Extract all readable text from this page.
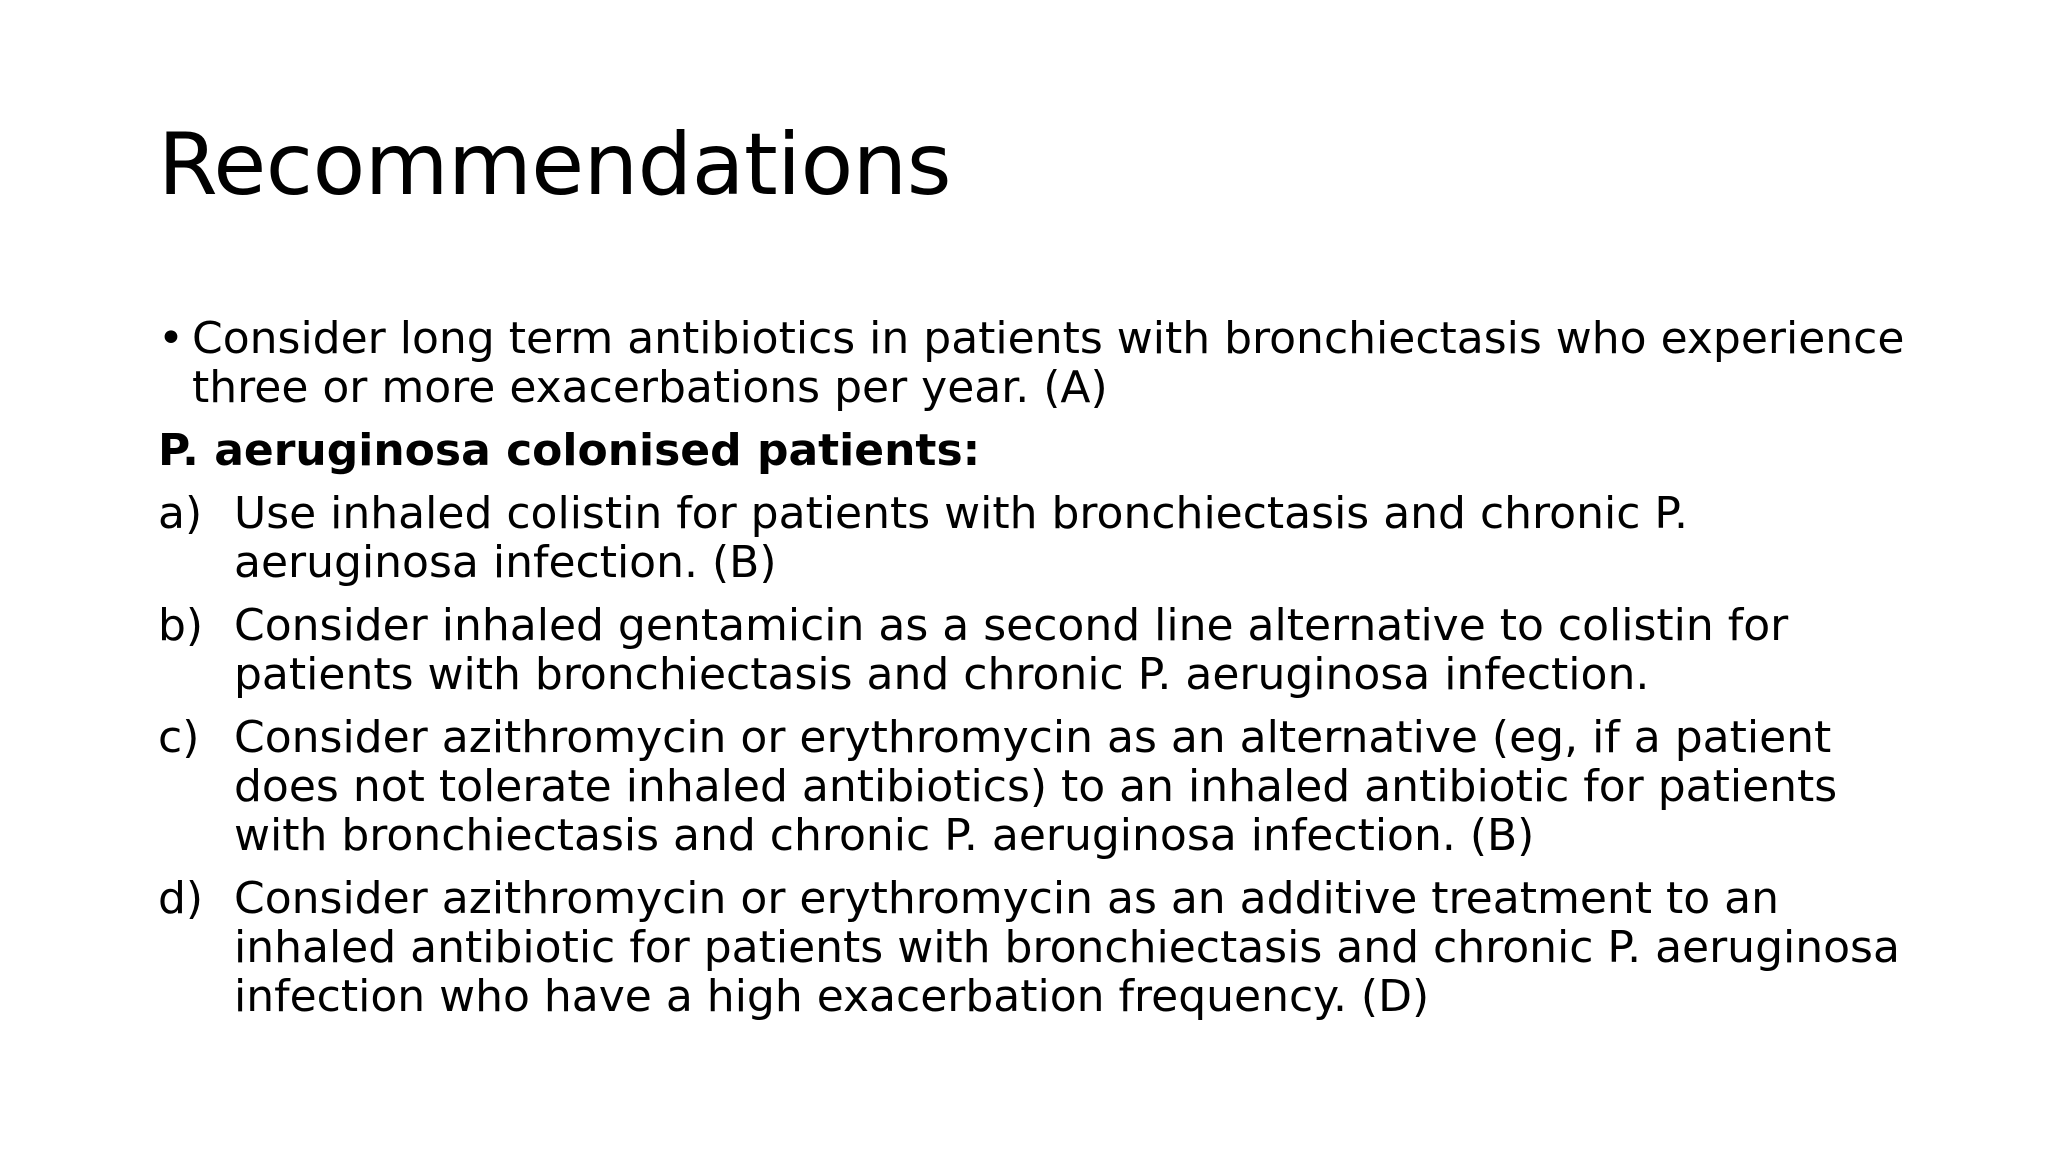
Recommendations
• Consider long term antibiotics in patients with bronchiectasis who experience three or more exacerbations per year. (A)
P. aeruginosa colonised patients:
a) Use inhaled colistin for patients with bronchiectasis and chronic P. aeruginosa infection. (B)
b) Consider inhaled gentamicin as a second line alternative to colistin for patients with bronchiectasis and chronic P. aeruginosa infection.
c) Consider azithromycin or erythromycin as an alternative (eg, if a patient does not tolerate inhaled antibiotics) to an inhaled antibiotic for patients with bronchiectasis and chronic P. aeruginosa infection. (B)
d) Consider azithromycin or erythromycin as an additive treatment to an inhaled antibiotic for patients with bronchiectasis and chronic P. aeruginosa infection who have a high exacerbation frequency. (D)
